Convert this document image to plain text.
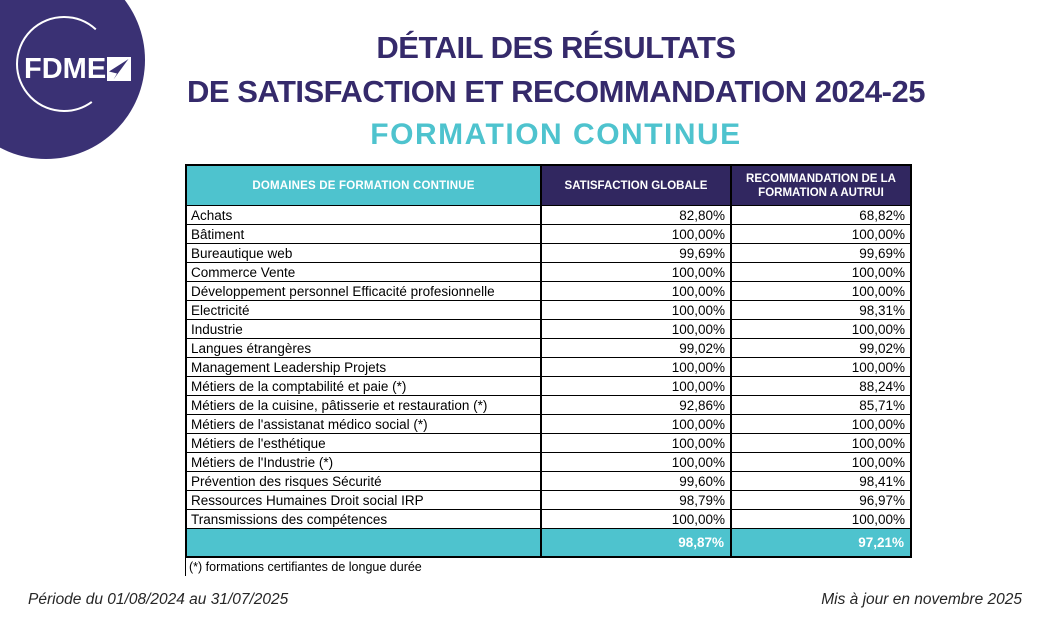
FDME
DÉTAIL DES RÉSULTATS
DE SATISFACTION ET RECOMMANDATION 2024-25
FORMATION CONTINUE
DOMAINES DE FORMATION CONTINUE	SATISFACTION GLOBALE	RECOMMANDATION DE LA
FORMATION A AUTRUI

Achats	82,80%	68,82%
Bâtiment	100,00%	100,00%
Bureautique web	99,69%	99,69%
Commerce Vente	100,00%	100,00%
Développement personnel Efficacité profesionnelle	100,00%	100,00%
Electricité	100,00%	98,31%
Industrie	100,00%	100,00%
Langues étrangères	99,02%	99,02%
Management Leadership Projets	100,00%	100,00%
Métiers de la comptabilité et paie (*)	100,00%	88,24%
Métiers de la cuisine, pâtisserie et restauration (*)	92,86%	85,71%
Métiers de l'assistanat médico social (*)	100,00%	100,00%
Métiers de l'esthétique	100,00%	100,00%
Métiers de l'Industrie (*)	100,00%	100,00%
Prévention des risques Sécurité	99,60%	98,41%
Ressources Humaines Droit social IRP	98,79%	96,97%
Transmissions des compétences	100,00%	100,00%
	98,87%	97,21%
(*) formations certifiantes de longue durée
Période du 01/08/2024 au 31/07/2025	Mis à jour en novembre 2025
